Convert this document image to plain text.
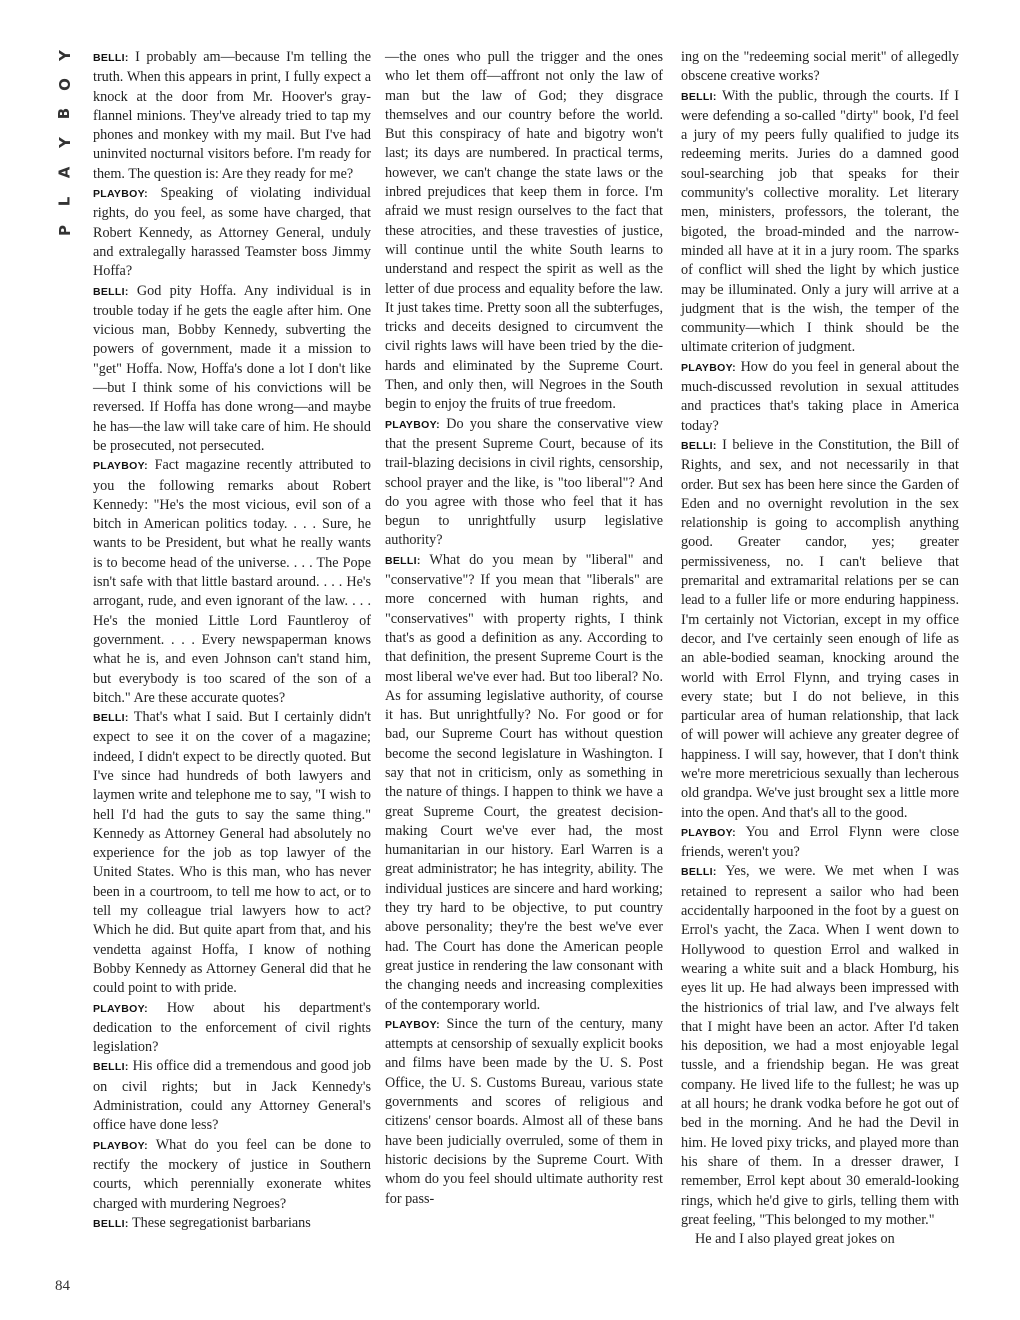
Y
O
B
Y
A
L
P
84

BELLI: I probably am—because I'm telling the truth. When this appears in print, I fully expect a knock at the door from Mr. Hoover's gray-flannel minions. They've already tried to tap my phones and monkey with my mail. But I've had uninvited nocturnal visitors before. I'm ready for them. The question is: Are they ready for me?

PLAYBOY: Speaking of violating individual rights, do you feel, as some have charged, that Robert Kennedy, as Attorney General, unduly and extralegally harassed Teamster boss Jimmy Hoffa?

BELLI: God pity Hoffa. Any individual is in trouble today if he gets the eagle after him. One vicious man, Bobby Kennedy, subverting the powers of government, made it a mission to "get" Hoffa. Now, Hoffa's done a lot I don't like—but I think some of his convictions will be reversed. If Hoffa has done wrong—and maybe he has—the law will take care of him. He should be prosecuted, not persecuted.

PLAYBOY: Fact magazine recently attributed to you the following remarks about Robert Kennedy: "He's the most vicious, evil son of a bitch in American politics today. . . . Sure, he wants to be President, but what he really wants is to become head of the universe. . . . The Pope isn't safe with that little bastard around. . . . He's arrogant, rude, and even ignorant of the law. . . . He's the monied Little Lord Fauntleroy of government. . . . Every newspaperman knows what he is, and even Johnson can't stand him, but everybody is too scared of the son of a bitch." Are these accurate quotes?

BELLI: That's what I said. But I certainly didn't expect to see it on the cover of a magazine; indeed, I didn't expect to be directly quoted. But I've since had hundreds of both lawyers and laymen write and telephone me to say, "I wish to hell I'd had the guts to say the same thing." Kennedy as Attorney General had absolutely no experience for the job as top lawyer of the United States. Who is this man, who has never been in a courtroom, to tell me how to act, or to tell my colleague trial lawyers how to act? Which he did. But quite apart from that, and his vendetta against Hoffa, I know of nothing Bobby Kennedy as Attorney General did that he could point to with pride.

PLAYBOY: How about his department's dedication to the enforcement of civil rights legislation?

BELLI: His office did a tremendous and good job on civil rights; but in Jack Kennedy's Administration, could any Attorney General's office have done less?

PLAYBOY: What do you feel can be done to rectify the mockery of justice in Southern courts, which perennially exonerate whites charged with murdering Negroes?

BELLI: These segregationist barbarians

—the ones who pull the trigger and the ones who let them off—affront not only the law of man but the law of God; they disgrace themselves and our country before the world. But this conspiracy of hate and bigotry won't last; its days are numbered. In practical terms, however, we can't change the state laws or the inbred prejudices that keep them in force. I'm afraid we must resign ourselves to the fact that these atrocities, and these travesties of justice, will continue until the white South learns to understand and respect the spirit as well as the letter of due process and equality before the law. It just takes time. Pretty soon all the subterfuges, tricks and deceits designed to circumvent the civil rights laws will have been tried by the die-hards and eliminated by the Supreme Court. Then, and only then, will Negroes in the South begin to enjoy the fruits of true freedom.

PLAYBOY: Do you share the conservative view that the present Supreme Court, because of its trail-blazing decisions in civil rights, censorship, school prayer and the like, is "too liberal"? And do you agree with those who feel that it has begun to unrightfully usurp legislative authority?

BELLI: What do you mean by "liberal" and "conservative"? If you mean that "liberals" are more concerned with human rights, and "conservatives" with property rights, I think that's as good a definition as any. According to that definition, the present Supreme Court is the most liberal we've ever had. But too liberal? No. As for assuming legislative authority, of course it has. But unrightfully? No. For good or for bad, our Supreme Court has without question become the second legislature in Washington. I say that not in criticism, only as something in the nature of things. I happen to think we have a great Supreme Court, the greatest decision-making Court we've ever had, the most humanitarian in our history. Earl Warren is a great administrator; he has integrity, ability. The individual justices are sincere and hard working; they try hard to be objective, to put country above personality; they're the best we've ever had. The Court has done the American people great justice in rendering the law consonant with the changing needs and increasing complexities of the contemporary world.

PLAYBOY: Since the turn of the century, many attempts at censorship of sexually explicit books and films have been made by the U. S. Post Office, the U. S. Customs Bureau, various state governments and scores of religious and citizens' censor boards. Almost all of these bans have been judicially overruled, some of them in historic decisions by the Supreme Court. With whom do you feel should ultimate authority rest for pass-

ing on the "redeeming social merit" of allegedly obscene creative works?

BELLI: With the public, through the courts. If I were defending a so-called "dirty" book, I'd feel a jury of my peers fully qualified to judge its redeeming merits. Juries do a damned good soul-searching job that speaks for their community's collective morality. Let literary men, ministers, professors, the tolerant, the bigoted, the broad-minded and the narrow-minded all have at it in a jury room. The sparks of conflict will shed the light by which justice may be illuminated. Only a jury will arrive at a judgment that is the wish, the temper of the community—which I think should be the ultimate criterion of judgment.

PLAYBOY: How do you feel in general about the much-discussed revolution in sexual attitudes and practices that's taking place in America today?

BELLI: I believe in the Constitution, the Bill of Rights, and sex, and not necessarily in that order. But sex has been here since the Garden of Eden and no overnight revolution in the sex relationship is going to accomplish anything good. Greater candor, yes; greater permissiveness, no. I can't believe that premarital and extramarital relations per se can lead to a fuller life or more enduring happiness. I'm certainly not Victorian, except in my office decor, and I've certainly seen enough of life as an able-bodied seaman, knocking around the world with Errol Flynn, and trying cases in every state; but I do not believe, in this particular area of human relationship, that lack of will power will achieve any greater degree of happiness. I will say, however, that I don't think we're more meretricious sexually than lecherous old grandpa. We've just brought sex a little more into the open. And that's all to the good.

PLAYBOY: You and Errol Flynn were close friends, weren't you?

BELLI: Yes, we were. We met when I was retained to represent a sailor who had been accidentally harpooned in the foot by a guest on Errol's yacht, the Zaca. When I went down to Hollywood to question Errol and walked in wearing a white suit and a black Homburg, his eyes lit up. He had always been impressed with the histrionics of trial law, and I've always felt that I might have been an actor. After I'd taken his deposition, we had a most enjoyable legal tussle, and a friendship began. He was great company. He lived life to the fullest; he was up at all hours; he drank vodka before he got out of bed in the morning. And he had the Devil in him. He loved pixy tricks, and played more than his share of them. In a dresser drawer, I remember, Errol kept about 30 emerald-looking rings, which he'd give to girls, telling them with great feeling, "This belonged to my mother."

He and I also played great jokes on
